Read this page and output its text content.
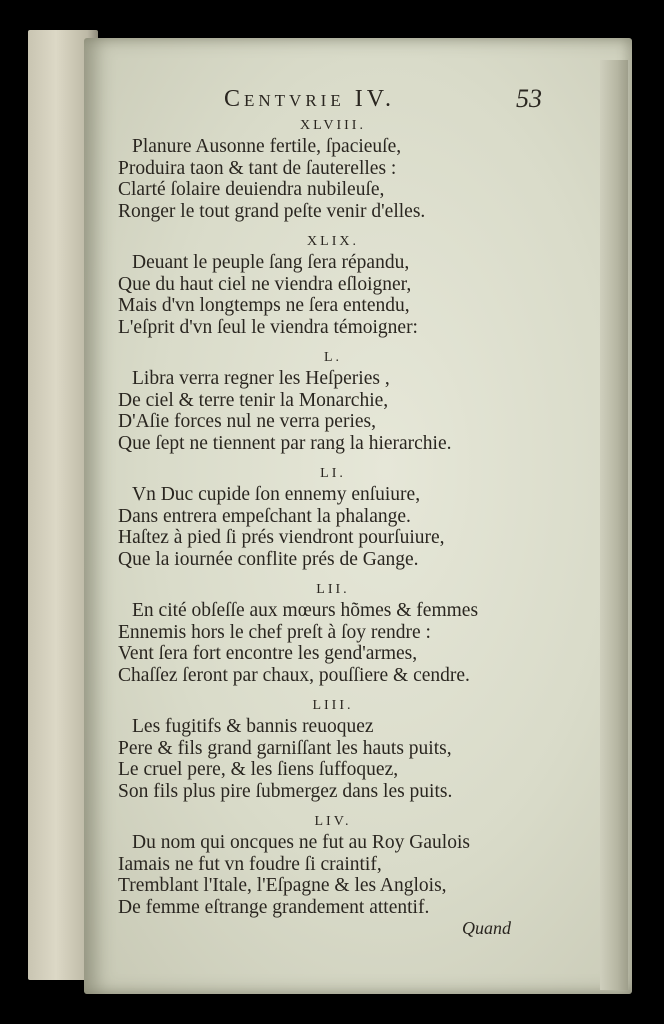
Centvrie IV.	53
XLVIII.
Planure Ausonne fertile, ſpacieuſe,
Produira taon & tant de ſauterelles :
Clarté ſolaire deuiendra nubileuſe,
Ronger le tout grand peſte venir d'elles.
XLIX.
Deuant le peuple ſang ſera répandu,
Que du haut ciel ne viendra eſloigner,
Mais d'vn longtemps ne ſera entendu,
L'eſprit d'vn ſeul le viendra témoigner:
L.
Libra verra regner les Heſperies ,
De ciel & terre tenir la Monarchie,
D'Aſie forces nul ne verra peries,
Que ſept ne tiennent par rang la hierarchie.
LI.
Vn Duc cupide ſon ennemy enſuiure,
Dans entrera empeſchant la phalange.
Haſtez à pied ſi prés viendront pourſuiure,
Que la iournée conflite prés de Gange.
LII.
En cité obſeſſe aux mœurs hõmes & femmes
Ennemis hors le chef preſt à ſoy rendre :
Vent ſera fort encontre les gend'armes,
Chaſſez ſeront par chaux, pouſſiere & cendre.
LIII.
Les fugitifs & bannis reuoquez
Pere & fils grand garniſſant les hauts puits,
Le cruel pere, & les ſiens ſuffoquez,
Son fils plus pire ſubmergez dans les puits.
LIV.
Du nom qui oncques ne fut au Roy Gaulois
Iamais ne fut vn foudre ſi craintif,
Tremblant l'Itale, l'Eſpagne & les Anglois,
De femme eſtrange grandement attentif.
Quand
